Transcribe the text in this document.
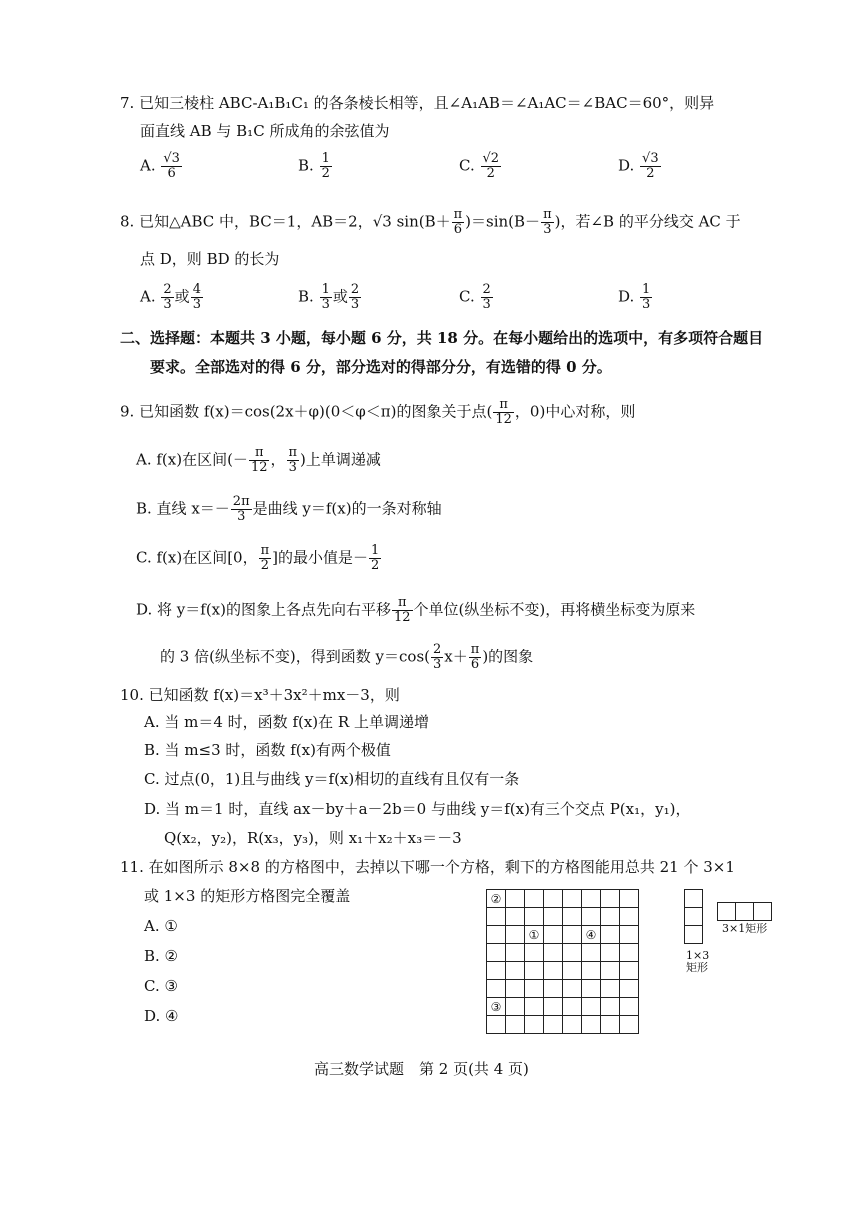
7. 已知三棱柱 ABC-A₁B₁C₁ 的各条棱长相等，且∠A₁AB＝∠A₁AC＝∠BAC＝60°，则异
面直线 AB 与 B₁C 所成角的余弦值为
A. $\frac{√3}{6}$	B. $\frac{1}{2}$	C. $\frac{√2}{2}$	D. $\frac{√3}{2}$
8. 已知△ABC 中，BC＝1，AB＝2，√3 $\sin(B+ \frac{\pi}{6} )=\sin(B- \frac{\pi}{3}$ )，若∠B 的平分线交 AC 于
点 D，则 BD 的长为
A. $\frac{2}{3}$ 或 $\frac{4}{3}$	B. $\frac{1}{3}$ 或 $\frac{2}{3}$	C. $\frac{2}{3}$	D. $\frac{1}{3}$
二、选择题：本题共 3 小题，每小题 6 分，共 18 分。在每小题给出的选项中，有多项符合题目
要求。全部选对的得 6 分，部分选对的得部分分，有选错的得 0 分。
9. 已知函数 f(x)＝cos(2x＋φ)(0＜φ＜π)的图象关于点( $\frac{\pi}{12}$ ，0)中心对称，则
A. f(x)在区间(－ $\frac{\pi}{12}$ ， $\frac{\pi}{3}$ )上单调递减
B. 直线 $x=- \frac{2\pi}{3}$ 是曲线 y＝f(x)的一条对称轴
C. f(x)在区间[0， $\frac{\pi}{2}$ ]的最小值是－ $\frac{1}{2}$
D. 将 y＝f(x)的图象上各点先向右平移 $\frac{\pi}{12}$ 个单位(纵坐标不变)，再将横坐标变为原来
的 3 倍(纵坐标不变)，得到函数 $y=\cos( \frac{2}{3} x+ \frac{\pi}{6}$ )的图象
10. 已知函数 f(x)＝x³＋3x²＋mx－3，则
A. 当 m＝4 时，函数 f(x)在 R 上单调递增
B. 当 m≤3 时，函数 f(x)有两个极值
C. 过点(0，1)且与曲线 y＝f(x)相切的直线有且仅有一条
D. 当 m＝1 时，直线 ax－by＋a－2b＝0 与曲线 y＝f(x)有三个交点 P(x₁，y₁)，
Q(x₂，y₂)，R(x₃，y₃)，则 x₁＋x₂＋x₃＝－3
11. 在如图所示 8×8 的方格图中，去掉以下哪一个方格，剩下的方格图能用总共 21 个 3×1
或 1×3 的矩形方格图完全覆盖
A. ①
B. ②
C. ③
D. ④
②							

		①			④		

③							

1×3
矩形

3×1矩形
高三数学试题　第 2 页(共 4 页)
